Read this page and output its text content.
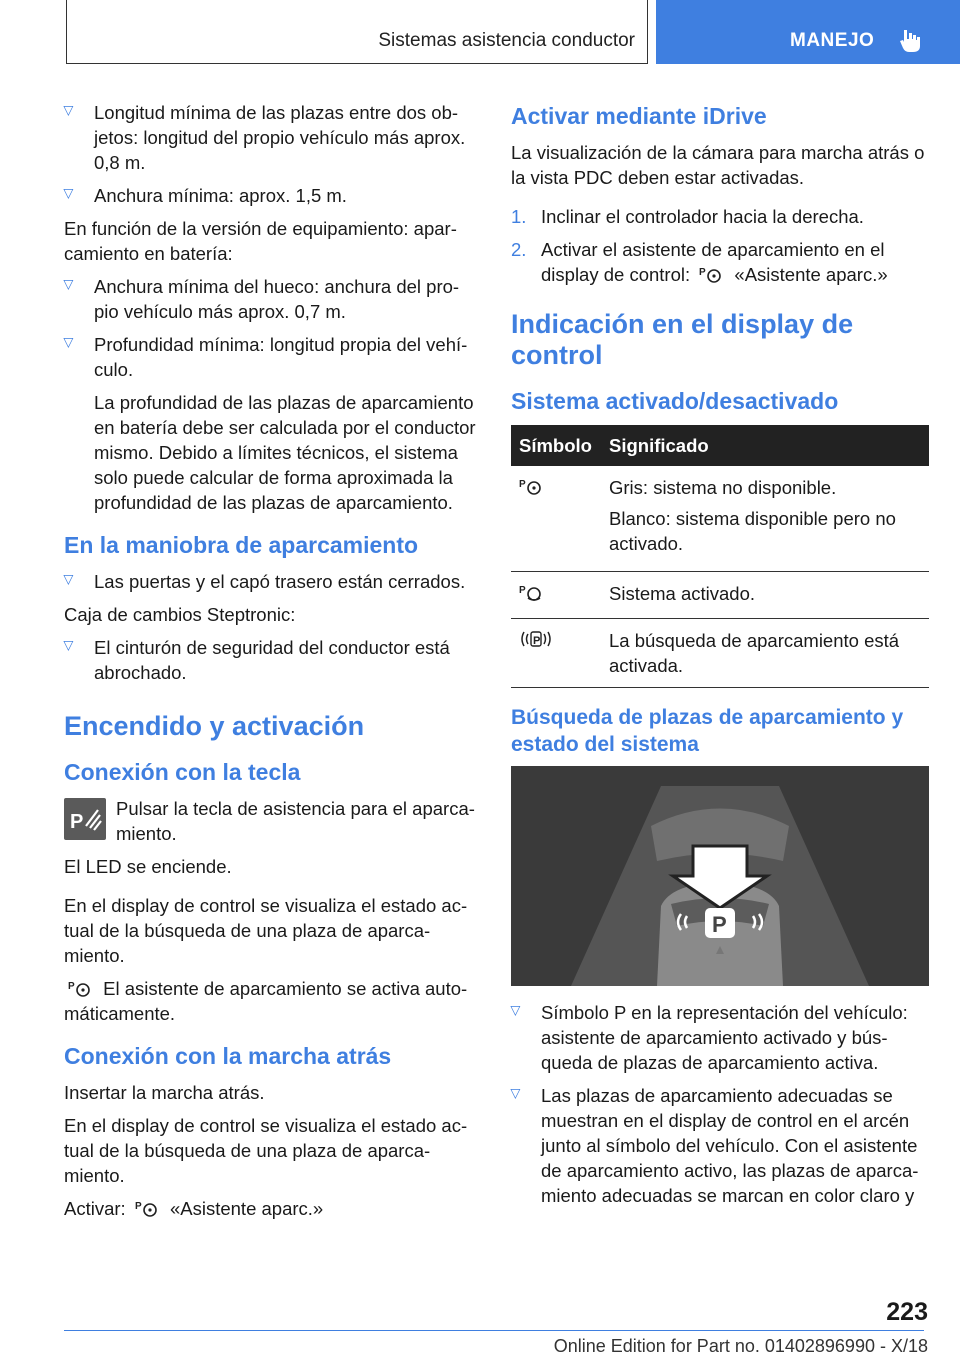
Sistemas asistencia conductor	MANEJO
▷ Longitud mínima de las plazas entre dos objetos: longitud del propio vehículo más aprox. 0,8 m.
▷ Anchura mínima: aprox. 1,5 m.

En función de la versión de equipamiento: aparcamiento en batería:

▷ Anchura mínima del hueco: anchura del propio vehículo más aprox. 0,7 m.
▷ Profundidad mínima: longitud propia del vehículo.
La profundidad de las plazas de aparcamiento en batería debe ser calculada por el conductor mismo. Debido a límites técnicos, el sistema solo puede calcular de forma aproximada la profundidad de las plazas de aparcamiento.
En la maniobra de aparcamiento
▷ Las puertas y el capó trasero están cerrados.

Caja de cambios Steptronic:

▷ El cinturón de seguridad del conductor está abrochado.
Encendido y activación
Conexión con la tecla
P
Pulsar la tecla de asistencia para el aparcamiento.

El LED se enciende.

En el display de control se visualiza el estado actual de la búsqueda de una plaza de aparcamiento.

P El asistente de aparcamiento se activa automáticamente.

Conexión con la marcha atrás

Insertar la marcha atrás.

En el display de control se visualiza el estado actual de la búsqueda de una plaza de aparcamiento.

Activar: P «Asistente aparc.»

Activar mediante iDrive

La visualización de la cámara para marcha atrás o la vista PDC deben estar activadas.

1. Inclinar el controlador hacia la derecha.
2. Activar el asistente de aparcamiento en el display de control: P «Asistente aparc.»
Indicación en el display de control
Sistema activado/desactivado
Símbolo	Significado

P	Gris: sistema no disponible.

Blanco: sistema disponible pero no activado.

P	Sistema activado.

P	La búsqueda de aparcamiento está activada.
Búsqueda de plazas de aparcamiento y estado del sistema
P
▷ Símbolo P en la representación del vehículo: asistente de aparcamiento activado y búsqueda de plazas de aparcamiento activa.
▷ Las plazas de aparcamiento adecuadas se muestran en el display de control en el arcén junto al símbolo del vehículo. Con el asistente de aparcamiento activo, las plazas de aparcamiento adecuadas se marcan en color claro y
223
Online Edition for Part no. 01402896990 - X/18
